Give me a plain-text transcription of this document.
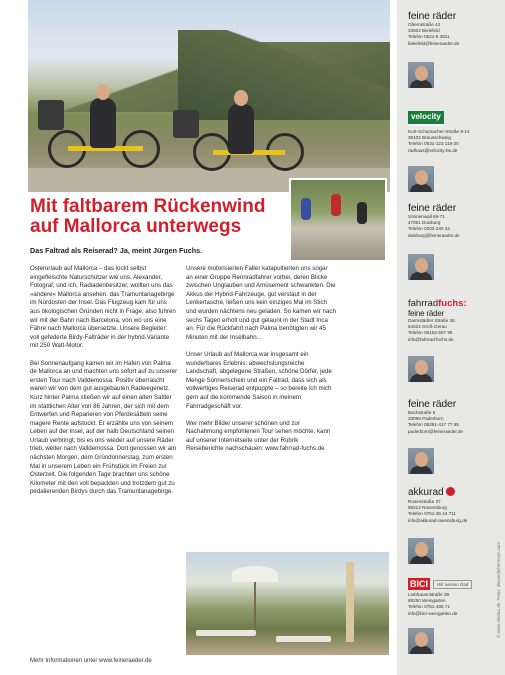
Mit faltbarem Rückenwind
auf Mallorca unterwegs
Das Faltrad als Reiserad? Ja, meint Jürgen Fuchs.

Osterurlaub auf Mallorca – das lockt selbst eingefleischte Naturschützer wie uns. Alexander, Fotograf, und ich, Radiadenbesitzer, wollten uns das »andere« Mallorca ansehen: das Tramuntanagebirge im Nordosten der Insel. Das Flugzeug kam für uns aus ökologischen Gründen nicht in Frage, also fuhren wir mit der Bahn nach Barcelona, von wo uns eine Fähre nach Mallorca übersetzte. Unsere Begleiter: voll gefederte Birdy-Falträder in der hybrid-Variante mit 250 Watt-Motor.

Bei Sonnenaufgang kamen wir im Hafen von Palma de Mallorca an und machten uns sofort auf zu unserer ersten Tour nach Valldemossa. Positiv überrascht waren wir von dem gut ausgebauten Radwegenetz. Kurz hinter Palma stießen wir auf einen alten Sattler im stattlichen Alter von 86 Jahren, der sich mit dem Entwerfen und Reparieren von Pferdesätteln seine magere Rente aufstockt. Er erzählte uns von seinem Leben auf der Insel, auf der halb Deutschland seinen Urlaub verbringt, bis es uns wieder auf unsere Räder trieb, weiter nach Valldemossa. Dort genossen wir am nächsten Morgen, dem Gründonnerstag, zum ersten Mal in unserem Leben ein Frühstück im Freien zur Osterzeit. Die folgenden Tage brachten uns schöne Kilometer mit den voll bepackten und trotzdem gut zu pedalierenden Birdys durch das Tramuntanagebirge.

Unsere motorisierten Falter katapultierten uns sogar an einer Gruppe Rennradfahrer vorbei, deren Blicke zwischen Unglauben und Amüsement schwankten. Die Akkus der Hybrid-Fahrzeuge, gut verstaut in der Lenkertasche, ließen uns kein einziges Mal im Stich und wurden nächtens neu geladen. So kamen wir nach sechs Tagen erholt und gut gelaunt in der Stadt Inca an. Für die Rückfahrt nach Palma benötigten wir 45 Minuten mit der Inselbahn…

Unser Urlaub auf Mallorca war insgesamt ein wunderbares Erlebnis: abwechslungsreiche Landschaft, abgelegene Straßen, schöne Dörfer, jede Menge Sonnenschein und ein Faltrad, dass sich als vollwertiges Reiserad entpuppte – so bereite ich mich gern auf die kommende Saison in meinem Fahrradgeschäft vor.

Wer mehr Bilder unserer schönen und zur Nachahmung empfohlenen Tour sehen möchte, kann auf unserer Internetseite unter der Rubrik Reiseberichte nachschauen: www.fahrrad-fuchs.de

Mehr Informationen unter www.feineraeder.de
feine räder
Obernstraße 42
33602 Bielefeld
Telefon 0521-6 3811
bielefeld@feineraeder.de
velocity
Kurt-Schumacher-Straße 8-14
38102 Braunschweig
Telefon 0531-123 118-20
radhaus@velocity-bs.de
feine räder
Sonnenwall 69-71
47051 Duisburg
Telefon 0203-240 32
duisburg@feineraeder.de
fahrradfuchs:
feine räder
Darmstädter Straße 36
64521 Groß-Gerau
Telefon 06152-557 95
info@fahrrad-fuchs.de
feine räder
Bachstraße 5
33098 Paderborn
Telefon 05251-417 77 55
paderborn@feineraeder.de
akkurad
Rosenstraße 37
88212 Ravensburg
Telefon 0751-36 44 711
info@akkurad-ravensburg.de
BICI	Wir wissen Rad
Liebfrauenstraße 39
88250 Weingarten
Telefon 0751-486 71
info@bici-weingarten.de	© www.velotaxi.de, Fotos: alexanderhermann.com
